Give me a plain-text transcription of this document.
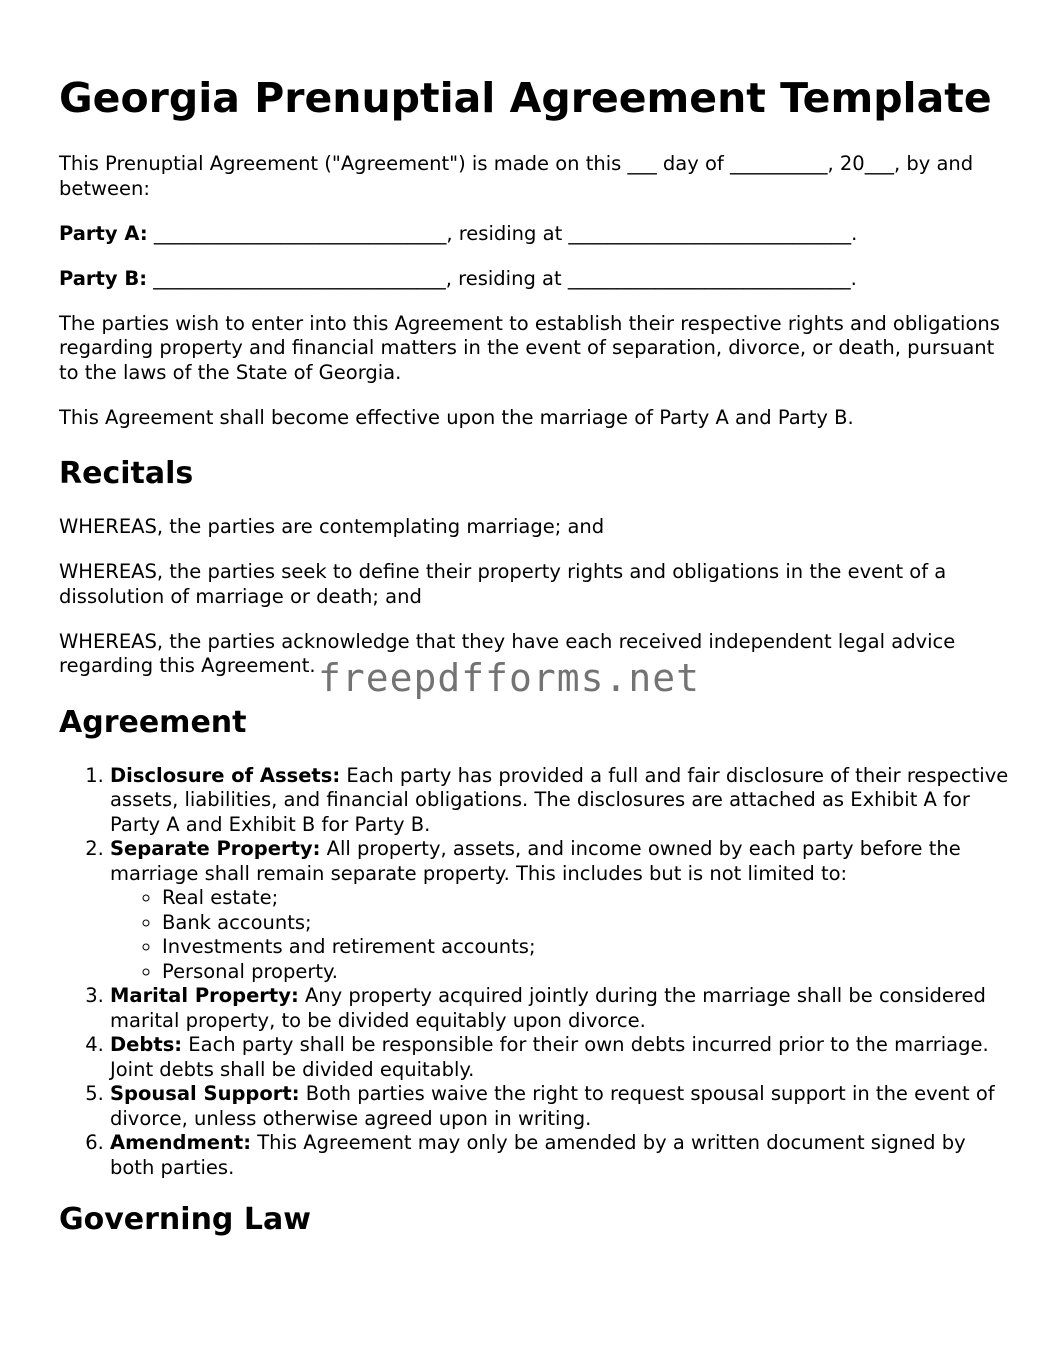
Georgia Prenuptial Agreement Template

This Prenuptial Agreement ("Agreement") is made on this ___ day of __________, 20___, by and between:

Party A: ______________________________, residing at _____________________________.

Party B: ______________________________, residing at _____________________________.

The parties wish to enter into this Agreement to establish their respective rights and obligations regarding property and financial matters in the event of separation, divorce, or death, pursuant to the laws of the State of Georgia.

This Agreement shall become effective upon the marriage of Party A and Party B.

Recitals

WHEREAS, the parties are contemplating marriage; and

WHEREAS, the parties seek to define their property rights and obligations in the event of a dissolution of marriage or death; and

WHEREAS, the parties acknowledge that they have each received independent legal advice regarding this Agreement.

Agreement
1. Disclosure of Assets: Each party has provided a full and fair disclosure of their respective assets, liabilities, and financial obligations. The disclosures are attached as Exhibit A for Party A and Exhibit B for Party B.
2. Separate Property: All property, assets, and income owned by each party before the marriage shall remain separate property. This includes but is not limited to:
◦ Real estate;
◦ Bank accounts;
◦ Investments and retirement accounts;
◦ Personal property.
3. Marital Property: Any property acquired jointly during the marriage shall be considered marital property, to be divided equitably upon divorce.
4. Debts: Each party shall be responsible for their own debts incurred prior to the marriage. Joint debts shall be divided equitably.
5. Spousal Support: Both parties waive the right to request spousal support in the event of divorce, unless otherwise agreed upon in writing.
6. Amendment: This Agreement may only be amended by a written document signed by both parties.
Governing Law
freepdfforms.net
